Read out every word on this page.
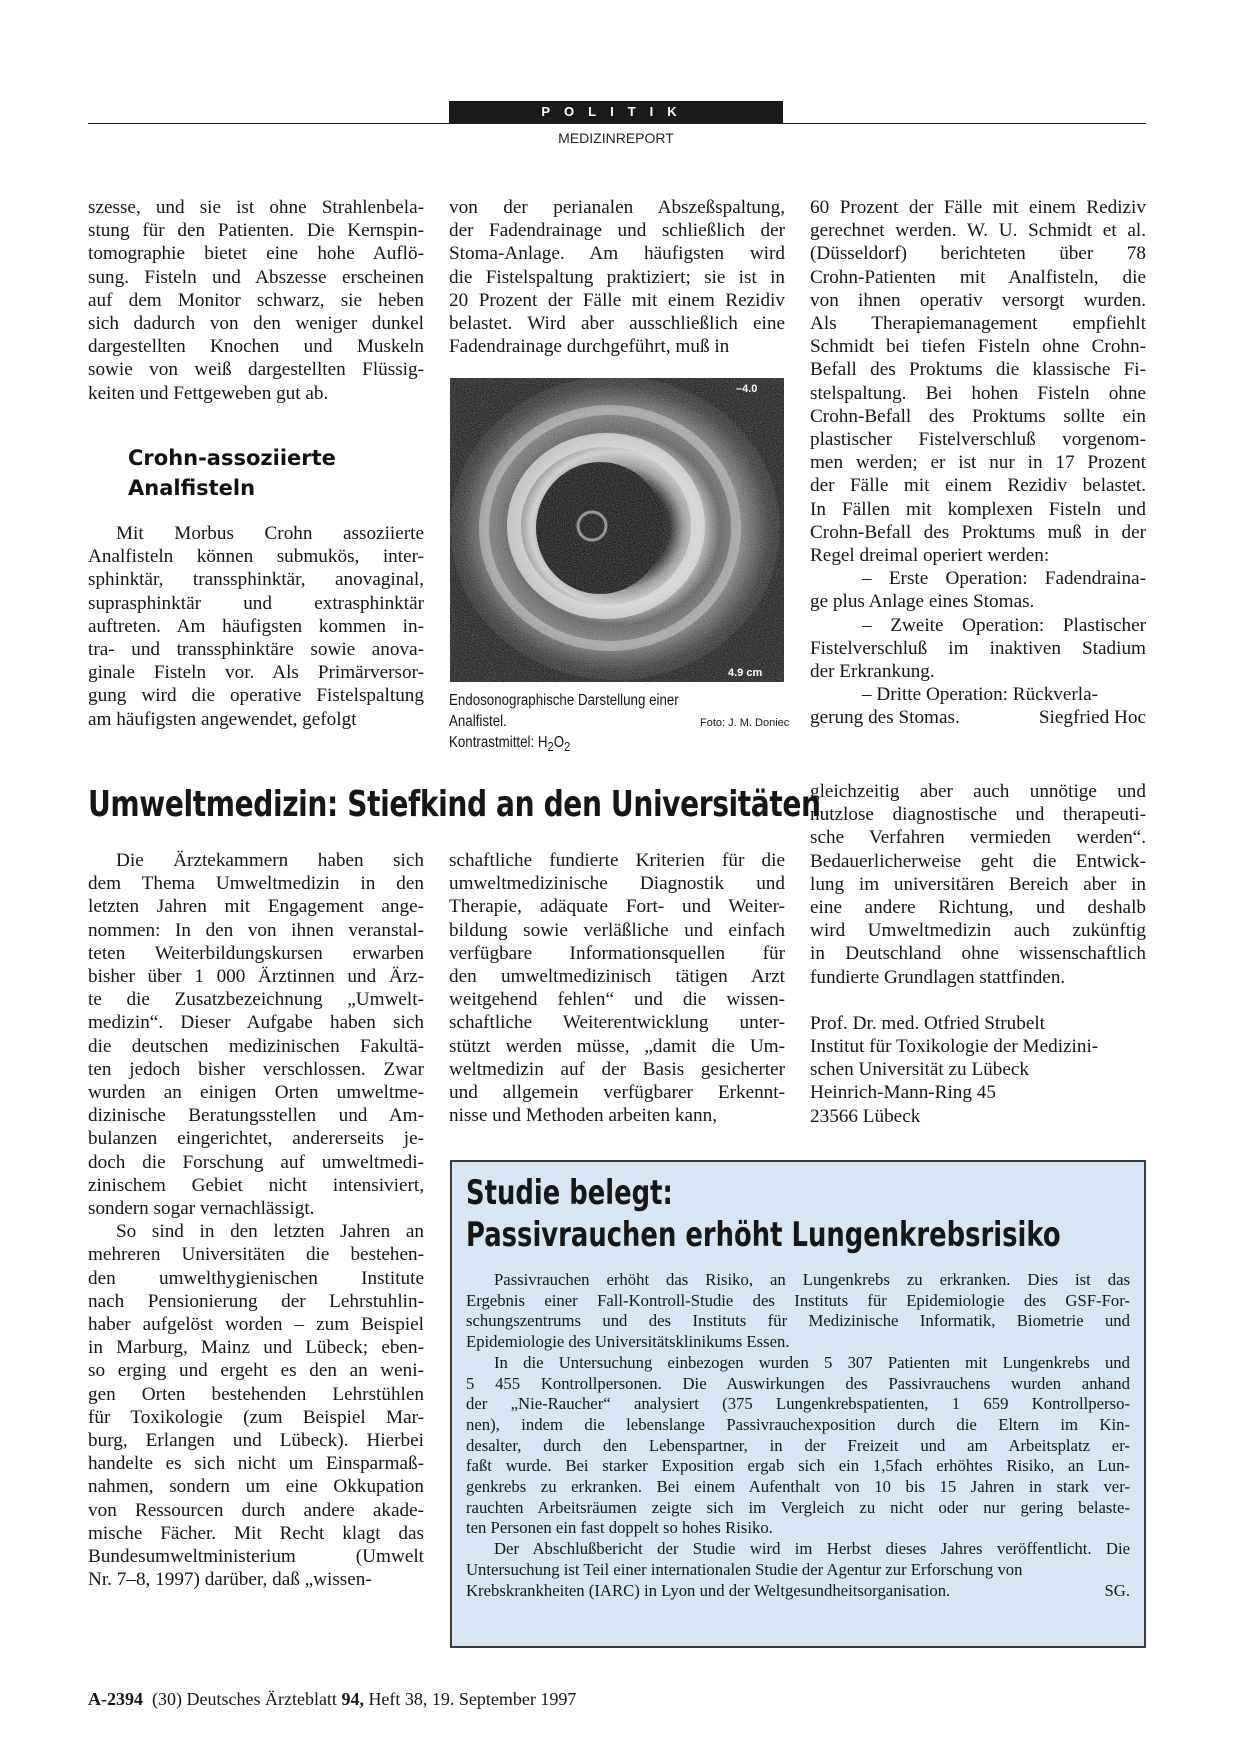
POLITIK
MEDIZINREPORT
szesse, und sie ist ohne Strahlenbela-
stung für den Patienten. Die Kernspin-
tomographie bietet eine hohe Auflö-
sung. Fisteln und Abszesse erscheinen
auf dem Monitor schwarz, sie heben
sich dadurch von den weniger dunkel
dargestellten Knochen und Muskeln
sowie von weiß dargestellten Flüssig-
keiten und Fettgeweben gut ab.
Crohn-assoziierte Analfisteln
Mit Morbus Crohn assoziierte
Analfisteln können submukös, inter-
sphinktär, transsphinktär, anovaginal,
suprasphinktär und extrasphinktär
auftreten. Am häufigsten kommen in-
tra- und transsphinktäre sowie anova-
ginale Fisteln vor. Als Primärversor-
gung wird die operative Fistelspaltung
am häufigsten angewendet, gefolgt
von der perianalen Abszeßspaltung,
der Fadendrainage und schließlich der
Stoma-Anlage. Am häufigsten wird
die Fistelspaltung praktiziert; sie ist in
20 Prozent der Fälle mit einem Rezidiv
belastet. Wird aber ausschließlich eine
Fadendrainage durchgeführt, muß in
–4.0
4.9 cm
Endosonographische Darstellung einer Analfistel.
Kontrastmittel: $H_2O_2$
Foto: J. M. Doniec
60 Prozent der Fälle mit einem Rediziv
gerechnet werden. W. U. Schmidt et al.
(Düsseldorf) berichteten über 78
Crohn-Patienten mit Analfisteln, die
von ihnen operativ versorgt wurden.
Als Therapiemanagement empfiehlt
Schmidt bei tiefen Fisteln ohne Crohn-
Befall des Proktums die klassische Fi-
stelspaltung. Bei hohen Fisteln ohne
Crohn-Befall des Proktums sollte ein
plastischer Fistelverschluß vorgenom-
men werden; er ist nur in 17 Prozent
der Fälle mit einem Rezidiv belastet.
In Fällen mit komplexen Fisteln und
Crohn-Befall des Proktums muß in der
Regel dreimal operiert werden:
– Erste Operation: Fadendraina-
ge plus Anlage eines Stomas.
– Zweite Operation: Plastischer
Fistelverschluß im inaktiven Stadium
der Erkrankung.
– Dritte Operation: Rückverla-
gerung des Stomas.	Siegfried Hoc
Umweltmedizin: Stiefkind an den Universitäten
Die Ärztekammern haben sich
dem Thema Umweltmedizin in den
letzten Jahren mit Engagement ange-
nommen: In den von ihnen veranstal-
teten Weiterbildungskursen erwarben
bisher über 1 000 Ärztinnen und Ärz-
te die Zusatzbezeichnung „Umwelt-
medizin“. Dieser Aufgabe haben sich
die deutschen medizinischen Fakultä-
ten jedoch bisher verschlossen. Zwar
wurden an einigen Orten umweltme-
dizinische Beratungsstellen und Am-
bulanzen eingerichtet, andererseits je-
doch die Forschung auf umweltmedi-
zinischem Gebiet nicht intensiviert,
sondern sogar vernachlässigt.
So sind in den letzten Jahren an
mehreren Universitäten die bestehen-
den umwelthygienischen Institute
nach Pensionierung der Lehrstuhlin-
haber aufgelöst worden – zum Beispiel
in Marburg, Mainz und Lübeck; eben-
so erging und ergeht es den an weni-
gen Orten bestehenden Lehrstühlen
für Toxikologie (zum Beispiel Mar-
burg, Erlangen und Lübeck). Hierbei
handelte es sich nicht um Einsparmaß-
nahmen, sondern um eine Okkupation
von Ressourcen durch andere akade-
mische Fächer. Mit Recht klagt das
Bundesumweltministerium (Umwelt
Nr. 7–8, 1997) darüber, daß „wissen-
schaftliche fundierte Kriterien für die
umweltmedizinische Diagnostik und
Therapie, adäquate Fort- und Weiter-
bildung sowie verläßliche und einfach
verfügbare Informationsquellen für
den umweltmedizinisch tätigen Arzt
weitgehend fehlen“ und die wissen-
schaftliche Weiterentwicklung unter-
stützt werden müsse, „damit die Um-
weltmedizin auf der Basis gesicherter
und allgemein verfügbarer Erkennt-
nisse und Methoden arbeiten kann,
gleichzeitig aber auch unnötige und
nutzlose diagnostische und therapeuti-
sche Verfahren vermieden werden“.
Bedauerlicherweise geht die Entwick-
lung im universitären Bereich aber in
eine andere Richtung, und deshalb
wird Umweltmedizin auch zukünftig
in Deutschland ohne wissenschaftlich
fundierte Grundlagen stattfinden.
Prof. Dr. med. Otfried Strubelt
Institut für Toxikologie der Medizini-
schen Universität zu Lübeck
Heinrich-Mann-Ring 45
23566 Lübeck
Studie belegt:
Passivrauchen erhöht Lungenkrebsrisiko
Passivrauchen erhöht das Risiko, an Lungenkrebs zu erkranken. Dies ist das
Ergebnis einer Fall-Kontroll-Studie des Instituts für Epidemiologie des GSF-For-
schungszentrums und des Instituts für Medizinische Informatik, Biometrie und
Epidemiologie des Universitätsklinikums Essen.
In die Untersuchung einbezogen wurden 5 307 Patienten mit Lungenkrebs und
5 455 Kontrollpersonen. Die Auswirkungen des Passivrauchens wurden anhand
der „Nie-Raucher“ analysiert (375 Lungenkrebspatienten, 1 659 Kontrollperso-
nen), indem die lebenslange Passivrauchexposition durch die Eltern im Kin-
desalter, durch den Lebenspartner, in der Freizeit und am Arbeitsplatz er-
faßt wurde. Bei starker Exposition ergab sich ein 1,5fach erhöhtes Risiko, an Lun-
genkrebs zu erkranken. Bei einem Aufenthalt von 10 bis 15 Jahren in stark ver-
rauchten Arbeitsräumen zeigte sich im Vergleich zu nicht oder nur gering belaste-
ten Personen ein fast doppelt so hohes Risiko.
Der Abschlußbericht der Studie wird im Herbst dieses Jahres veröffentlicht. Die
Untersuchung ist Teil einer internationalen Studie der Agentur zur Erforschung von
Krebskrankheiten (IARC) in Lyon und der Weltgesundheitsorganisation.	SG.
A-2394 (30) Deutsches Ärzteblatt 94, Heft 38, 19. September 1997
